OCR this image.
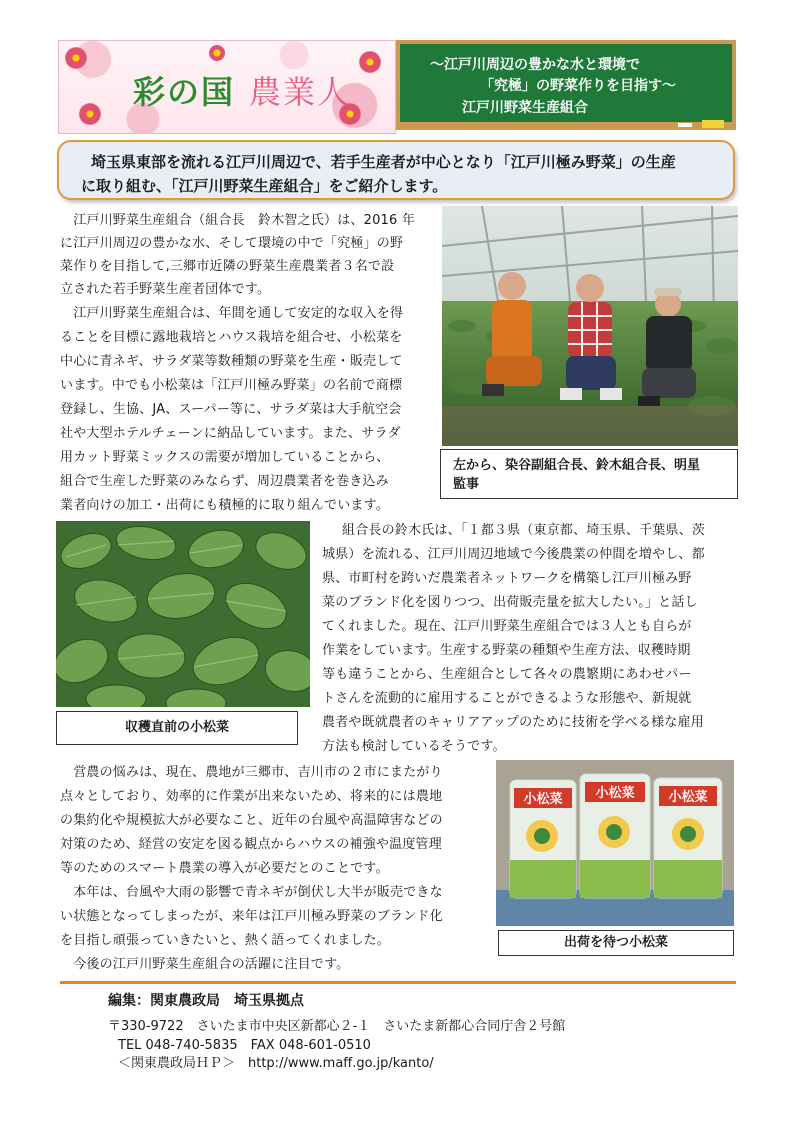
彩の国 農業人
～江戸川周辺の豊かな水と環境で
「究極」の野菜作りを目指す～
江戸川野菜生産組合
埼玉県東部を流れる江戸川周辺で、若手生産者が中心となり「江戸川極み野菜」の生産
に取り組む、「江戸川野菜生産組合」をご紹介します。
　江戸川野菜生産組合（組合長　鈴木智之氏）は、2016 年
に江戸川周辺の豊かな水、そして環境の中で「究極」の野
菜作りを目指して,三郷市近隣の野菜生産農業者３名で設
立された若手野菜生産者団体です。
　江戸川野菜生産組合は、年間を通して安定的な収入を得
ることを目標に露地栽培とハウス栽培を組合せ、小松菜を
中心に青ネギ、サラダ菜等数種類の野菜を生産・販売して
います。中でも小松菜は「江戸川極み野菜」の名前で商標
登録し、生協、JA、スーパー等に、サラダ菜は大手航空会
社や大型ホテルチェーンに納品しています。また、サラダ
用カット野菜ミックスの需要が増加していることから、
組合で生産した野菜のみならず、周辺農業者を巻き込み
業者向けの加工・出荷にも積極的に取り組んでいます。
左から、染谷副組合長、鈴木組合長、明星
監事
収穫直前の小松菜
組合長の鈴木氏は、「１都３県（東京都、埼玉県、千葉県、茨
城県）を流れる、江戸川周辺地域で今後農業の仲間を増やし、都
県、市町村を跨いだ農業者ネットワークを構築し江戸川極み野
菜のブランド化を図りつつ、出荷販売量を拡大したい。」と話し
てくれました。現在、江戸川野菜生産組合では３人とも自らが
作業をしています。生産する野菜の種類や生産方法、収穫時期
等も違うことから、生産組合として各々の農繁期にあわせパー
トさんを流動的に雇用することができるような形態や、新規就
農者や既就農者のキャリアアップのために技術を学べる様な雇用
方法も検討しているそうです。
　営農の悩みは、現在、農地が三郷市、吉川市の２市にまたがり
点々としており、効率的に作業が出来ないため、将来的には農地
の集約化や規模拡大が必要なこと、近年の台風や高温障害などの
対策のため、経営の安定を図る観点からハウスの補強や温度管理
等のためのスマート農業の導入が必要だとのことです。
　本年は、台風や大雨の影響で青ネギが倒伏し大半が販売できな
い状態となってしまったが、来年は江戸川極み野菜のブランド化
を目指し頑張っていきたいと、熱く語ってくれました。
　今後の江戸川野菜生産組合の活躍に注目です。
小松菜	小松菜	小松菜
出荷を待つ小松菜
編集：関東農政局　埼玉県拠点
〒330-9722　さいたま市中央区新都心２-１　さいたま新都心合同庁舎２号館
TEL 048-740-5835　FAX 048-601-0510
＜関東農政局ＨＰ＞　http://www.maff.go.jp/kanto/
